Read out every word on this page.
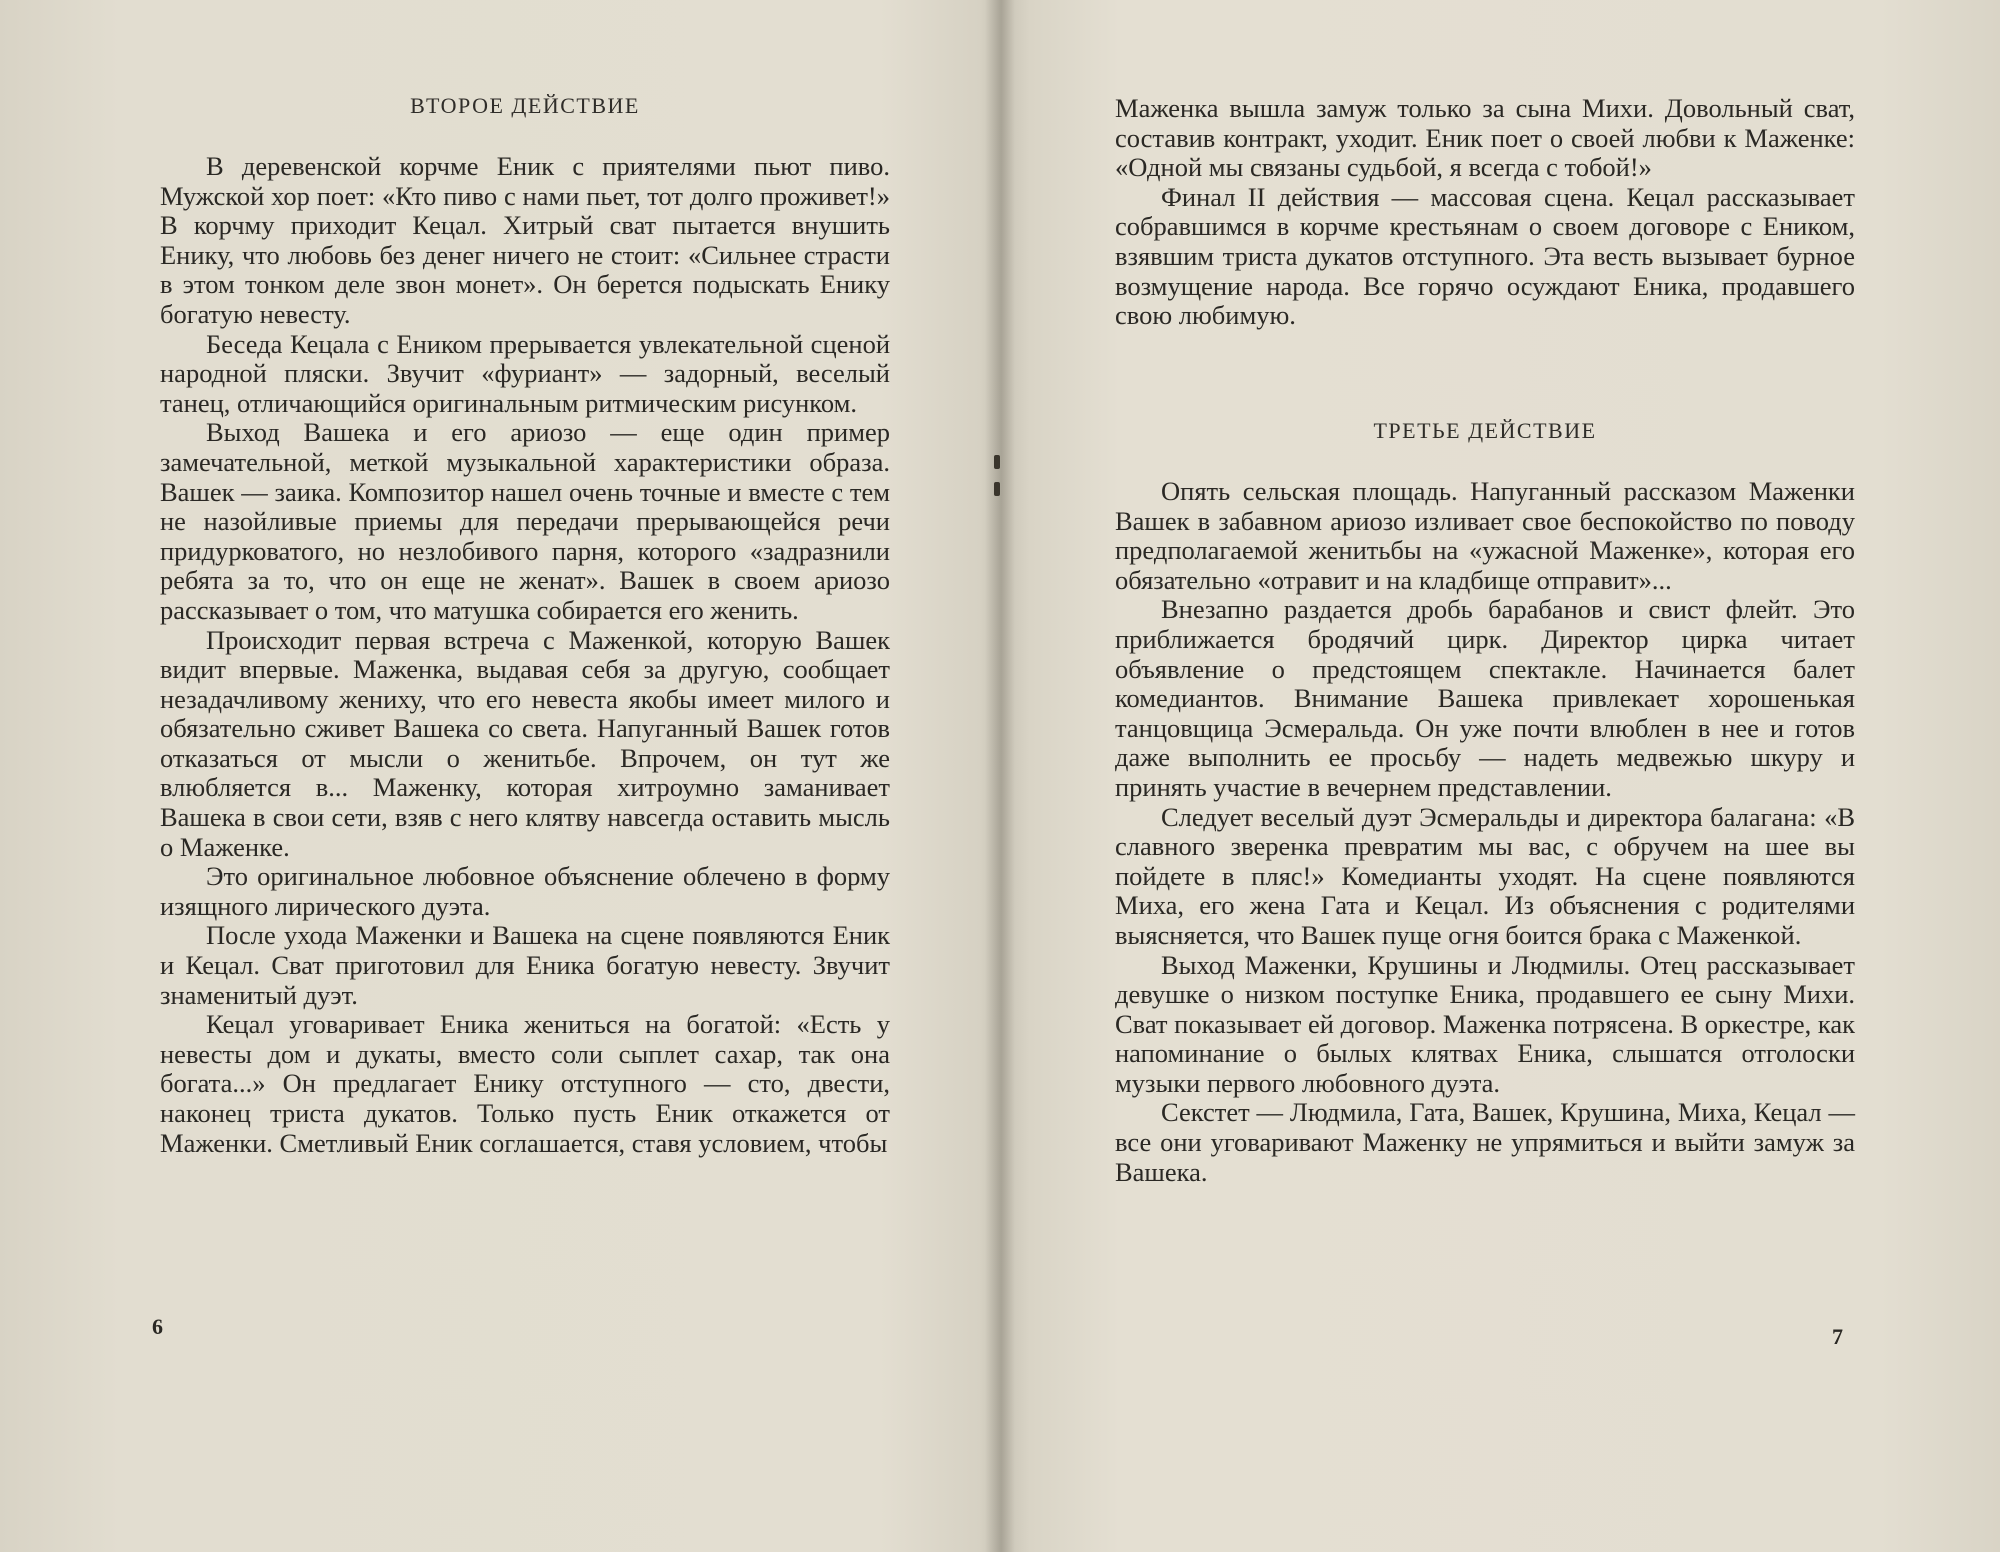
ВТОРОЕ ДЕЙСТВИЕ

В деревенской корчме Еник с приятелями пьют пиво. Мужской хор поет: «Кто пиво с нами пьет, тот долго проживет!» В корчму приходит Кецал. Хитрый сват пытается внушить Енику, что любовь без денег ничего не стоит: «Сильнее страсти в этом тонком деле звон монет». Он берется подыскать Енику богатую невесту.

Беседа Кецала с Еником прерывается увлекательной сценой народной пляски. Звучит «фуриант» — задорный, веселый танец, отличающийся оригинальным ритмическим рисунком.

Выход Вашека и его ариозо — еще один пример замечательной, меткой музыкальной характеристики образа. Вашек — заика. Композитор нашел очень точные и вместе с тем не назойливые приемы для передачи прерывающейся речи придурковатого, но незлобивого парня, которого «задразнили ребята за то, что он еще не женат». Вашек в своем ариозо рассказывает о том, что матушка собирается его женить.

Происходит первая встреча с Маженкой, которую Вашек видит впервые. Маженка, выдавая себя за другую, сообщает незадачливому жениху, что его невеста якобы имеет милого и обязательно сживет Вашека со света. Напуганный Вашек готов отказаться от мысли о женитьбе. Впрочем, он тут же влюбляется в... Маженку, которая хитроумно заманивает Вашека в свои сети, взяв с него клятву навсегда оставить мысль о Маженке.

Это оригинальное любовное объяснение облечено в форму изящного лирического дуэта.

После ухода Маженки и Вашека на сцене появляются Еник и Кецал. Сват приготовил для Еника богатую невесту. Звучит знаменитый дуэт.

Кецал уговаривает Еника жениться на богатой: «Есть у невесты дом и дукаты, вместо соли сыплет сахар, так она богата...» Он предлагает Енику отступного — сто, двести, наконец триста дукатов. Только пусть Еник откажется от Маженки. Сметливый Еник соглашается, ставя условием, чтобы

6

Маженка вышла замуж только за сына Михи. Довольный сват, составив контракт, уходит. Еник поет о своей любви к Маженке: «Одной мы связаны судьбой, я всегда с тобой!»

Финал II действия — массовая сцена. Кецал рассказывает собравшимся в корчме крестьянам о своем договоре с Еником, взявшим триста дукатов отступного. Эта весть вызывает бурное возмущение народа. Все горячо осуждают Еника, продавшего свою любимую.

ТРЕТЬЕ ДЕЙСТВИЕ

Опять сельская площадь. Напуганный рассказом Маженки Вашек в забавном ариозо изливает свое беспокойство по поводу предполагаемой женитьбы на «ужасной Маженке», которая его обязательно «отравит и на кладбище отправит»...

Внезапно раздается дробь барабанов и свист флейт. Это приближается бродячий цирк. Директор цирка читает объявление о предстоящем спектакле. Начинается балет комедиантов. Внимание Вашека привлекает хорошенькая танцовщица Эсмеральда. Он уже почти влюблен в нее и готов даже выполнить ее просьбу — надеть медвежью шкуру и принять участие в вечернем представлении.

Следует веселый дуэт Эсмеральды и директора балагана: «В славного зверенка превратим мы вас, с обручем на шее вы пойдете в пляс!» Комедианты уходят. На сцене появляются Миха, его жена Гата и Кецал. Из объяснения с родителями выясняется, что Вашек пуще огня боится брака с Маженкой.

Выход Маженки, Крушины и Людмилы. Отец рассказывает девушке о низком поступке Еника, продавшего ее сыну Михи. Сват показывает ей договор. Маженка потрясена. В оркестре, как напоминание о былых клятвах Еника, слышатся отголоски музыки первого любовного дуэта.

Секстет — Людмила, Гата, Вашек, Крушина, Миха, Кецал — все они уговаривают Маженку не упрямиться и выйти замуж за Вашека.

7
